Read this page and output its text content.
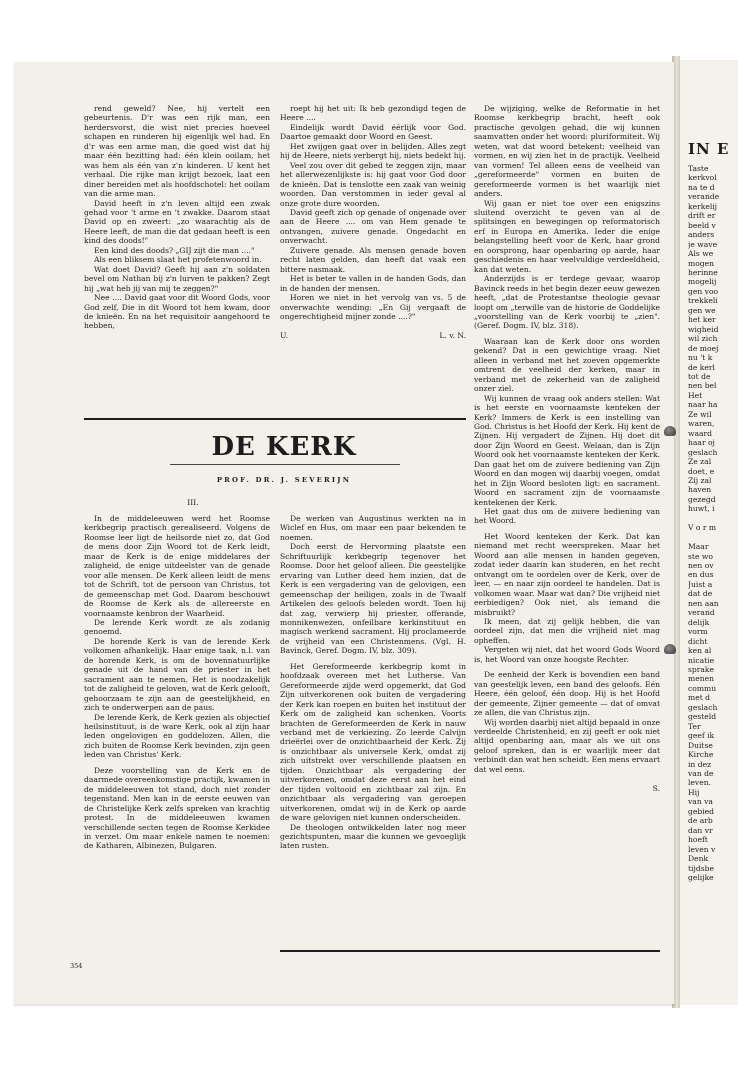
IN E
Taste
kerkvol
na te d
verande
kerkelij
drift er
beeld v
anders
je wave
Als we
mogen
herinne
mogelij
gen voo
trekkeli
gen we
het ker
wigheid
wil zich
de moej
nu 't k
de kerl
tot de
nen bel
Het
naar ha
Ze wil
waren,
waard
haar oj
geslach
Ze zal
doet, e
Zij zal
haven
gezegd
huwt, i

V o r m

Maar
ste wo
nen ov
en dus
Juist a
dat de
nen aan
verand
delijk
vorm
dicht
ken al
nicatie
sprake
menen
commu
met d
geslach
gesteld
Ter
geef ik
Duitse
Kirche
in dez
van de
leven.
Hij
van va
gebied
de arb
dan vr
hoeft
leven v
Denk
tijdsbe
gelijke

rend geweld? Nee, hij vertelt een gebeurtenis. D'r was een rijk man, een herdersvorst, die wist niet precies hoeveel schapen en runderen hij eigenlijk wel had. En d'r was een arme man, die goed wist dat hij maar één bezitting had: één klein ooilam, het was hem als één van z'n kinderen. U kent het verhaal. Die rijke man krijgt bezoek, laat een diner bereiden met als hoofdschotel: het ooilam van die arme man.

David heeft in z'n leven altijd een zwak gehad voor 't arme en 't zwakke. Daarom staat David op en zweert: „zo waarachtig als de Heere leeft, de man die dat gedaan heeft is een kind des doods!"

Een kind des doods? „GIJ zijt die man ...."

Als een bliksem slaat het profetenwoord in.

Wat doet David? Geeft hij aan z'n soldaten bevel om Nathan bij z'n lurven te pakken? Zegt hij „wat heb jij van mij te zeggen?"

Nee .... David gaat voor dit Woord Gods, voor God zelf, Die in dit Woord tot hem kwam, door de knieën. En na het requisitoir aangehoord te hebben,

roept hij het uit: Ik heb gezondigd tegen de Heere ....

Eindelijk wordt David éérlijk voor God. Daartoe gemaakt door Woord en Geest.

Het zwijgen gaat over in belijden. Alles zegt hij de Heere, niets verbergt hij, niets bedekt hij.

Veel zou over dit gebed te zeggen zijn, maar het allerwezenlijkste is: hij gaat voor God door de knieën. Dat is tenslotte een zaak van weinig woorden. Dan verstommen in ieder geval al onze grote dure woorden.

David geeft zich op genade of ongenade over aan de Heere .... om van Hem genade te ontvangen, zuivere genade. Ongedacht en onverwacht.

Zuivere genade. Als mensen genade boven recht laten gelden, dan heeft dat vaak een bittere nasmaak.

Het is beter te vallen in de handen Gods, dan in de handen der mensen.

Horen we niet in het vervolg van vs. 5 de onverwachte wending: „En Gij vergaaft de ongerechtigheid mijner zonde ....?"

U.	L. v. N.
DE KERK
PROF. DR. J. SEVERIJN
III.

In de middeleeuwen werd het Roomse kerkbegrip practisch gerealiseerd. Volgens de Roomse leer ligt de heilsorde niet zo, dat God de mens door Zijn Woord tot de Kerk leidt, maar de Kerk is de enige middelares der zaligheid, de enige uitdeelster van de genade voor alle mensen. De Kerk alleen leidt de mens tot de Schrift, tot de persoon van Christus, tot de gemeenschap met God. Daarom beschouwt de Roomse de Kerk als de allereerste en voornaamste kenbron der Waarheid.

De lerende Kerk wordt ze als zodanig genoemd.

De horende Kerk is van de lerende Kerk volkomen afhankelijk. Haar enige taak, n.l. van de horende Kerk, is om de bovennatuurlijke genade uit de hand van de priester in het sacrament aan te nemen. Het is noodzakelijk tot de zaligheid te geloven, wat de Kerk gelooft, gehoorzaam te zijn aan de geestelijkheid, en zich te onderwerpen aan de paus.

De lerende Kerk, de Kerk gezien als objectief heilsinstituut, is de ware Kerk, ook al zijn haar leden ongelovigen en goddelozen. Allen, die zich buiten de Roomse Kerk bevinden, zijn geen leden van Christus' Kerk.

Deze voorstelling van de Kerk en de daarmede overeenkomstige practijk, kwamen in de middeleeuwen tot stand, doch niet zonder tegenstand. Men kan in de eerste eeuwen van de Christelijke Kerk zelfs spreken van krachtig protest. In de middeleeuwen kwamen verschillende secten tegen de Roomse Kerkidee in verzet. Om maar enkele namen te noemen: de Katharen, Albinezen, Bulgaren.

De werken van Augustinus werkten na in Wiclef en Hus, om maar een paar bekenden te noemen.

Doch eerst de Hervorming plaatste een Schriftuurlijk kerkbegrip tegenover het Roomse. Door het geloof alleen. Die geestelijke ervaring van Luther deed hem inzien, dat de Kerk is een vergadering van de gelovigen, een gemeenschap der heiligen, zoals in de Twaalf Artikelen des geloofs beleden wordt. Toen hij dat zag, verwierp hij priester, offerande, monnikenwezen, onfeilbare kerkinstituut en magisch werkend sacrament. Hij proclameerde de vrijheid van een Christenmens. (Vgl. H. Bavinck, Geref. Dogm. IV, blz. 309).

Het Gereformeerde kerkbegrip komt in hoofdzaak overeen met het Lutherse. Van Gereformeerde zijde werd opgemerkt, dat God Zijn uitverkorenen ook buiten de vergadering der Kerk kan roepen en buiten het instituut der Kerk om de zaligheid kan schenken. Voorts brachten de Gereformeerden de Kerk in nauw verband met de verkiezing. Zo leerde Calvijn drieërlei over de onzichtbaarheid der Kerk. Zij is onzichtbaar als universele Kerk, omdat zij zich uitstrekt over verschillende plaatsen en tijden. Onzichtbaar als vergadering der uitverkorenen, omdat deze eerst aan het eind der tijden voltooid en zichtbaar zal zijn. En onzichtbaar als vergadering van geroepen uitverkorenen, omdat wij in de Kerk op aarde de ware gelovigen niet kunnen onderscheiden.

De theologen ontwikkelden later nog meer gezichtspunten, maar die kunnen we gevoeglijk laten rusten.

De wijziging, welke de Reformatie in het Roomse kerkbegrip bracht, heeft ook practische gevolgen gehad, die wij kunnen saamvatten onder het woord: pluriformiteit. Wij weten, wat dat woord betekent: veelheid van vormen, en wij zien het in de practijk. Veelheid van vormen! Tel alleen eens de veelheid van „gereformeerde" vormen en buiten de gereformeerde vormen is het waarlijk niet anders.

Wij gaan er niet toe over een enigszins sluitend overzicht te geven van al de splitsingen en bewegingen op reformatorisch erf in Europa en Amerika. Ieder die enige belangstelling heeft voor de Kerk, haar grond en oorsprong, haar openbaring op aarde, haar geschiedenis en haar veelvuldige verdeeldheid, kan dat weten.

Anderzijds is er terdege gevaar, waarop Bavinck reeds in het begin dezer eeuw gewezen heeft, „dat de Protestantse theologie gevaar loopt om „terwille van de historie de Goddelijke „voorstelling van de Kerk voorbij te „zien". (Geref. Dogm. IV, blz. 318).

Waaraan kan de Kerk door ons worden gekend? Dat is een gewichtige vraag. Niet alleen in verband met het zoeven opgemerkte omtrent de veelheid der kerken, maar in verband met de zekerheid van de zaligheid onzer ziel.

Wij kunnen de vraag ook anders stellen: Wat is het eerste en voornaamste kenteken der Kerk? Immers de Kerk is een instelling van God. Christus is het Hoofd der Kerk. Hij kent de Zijnen. Hij vergadert de Zijnen. Hij doet dit door Zijn Woord en Geest. Welaan, dan is Zijn Woord ook het voornaamste kenteken der Kerk. Dan gaat het om de zuivere bediening van Zijn Woord en dan mogen wij daarbij voegen, omdat het in Zijn Woord besloten ligt: en sacrament. Woord en sacrament zijn de voornaamste kentekenen der Kerk.

Het gaat dus om de zuivere bediening van het Woord.

Het Woord kenteken der Kerk. Dat kan niemand met recht weerspreken. Maar het Woord aan alle mensen in handen gegeven, zodat ieder daarin kan studeren, en het recht ontvangt om te oordelen over de Kerk, over de leer, — en naar zijn oordeel te handelen. Dat is volkomen waar. Maar wat dan? Die vrijheid niet eerbiedigen? Ook niet, als iemand die misbruikt?

Ik meen, dat zij gelijk hebben, die van oordeel zijn, dat men die vrijheid niet mag opheffen.

Vergeten wij niet, dat het woord Gods Woord is, het Woord van onze hoogste Rechter.

De eenheid der Kerk is bovendien een band van geestelijk leven, een band des geloofs. Eén Heere, één geloof, één doop. Hij is het Hoofd der gemeente, Zijner gemeente — dat of omvat ze allen, die van Christus zijn.

Wij worden daarbij niet altijd bepaald in onze verdeelde Christenheid, en zij geeft er ook niet altijd openbaring aan, maar als we uit ons geloof spreken, dan is er waarlijk meer dat verbindt dan wat hen scheidt. Een mens ervaart dat wel eens.

S.
354
